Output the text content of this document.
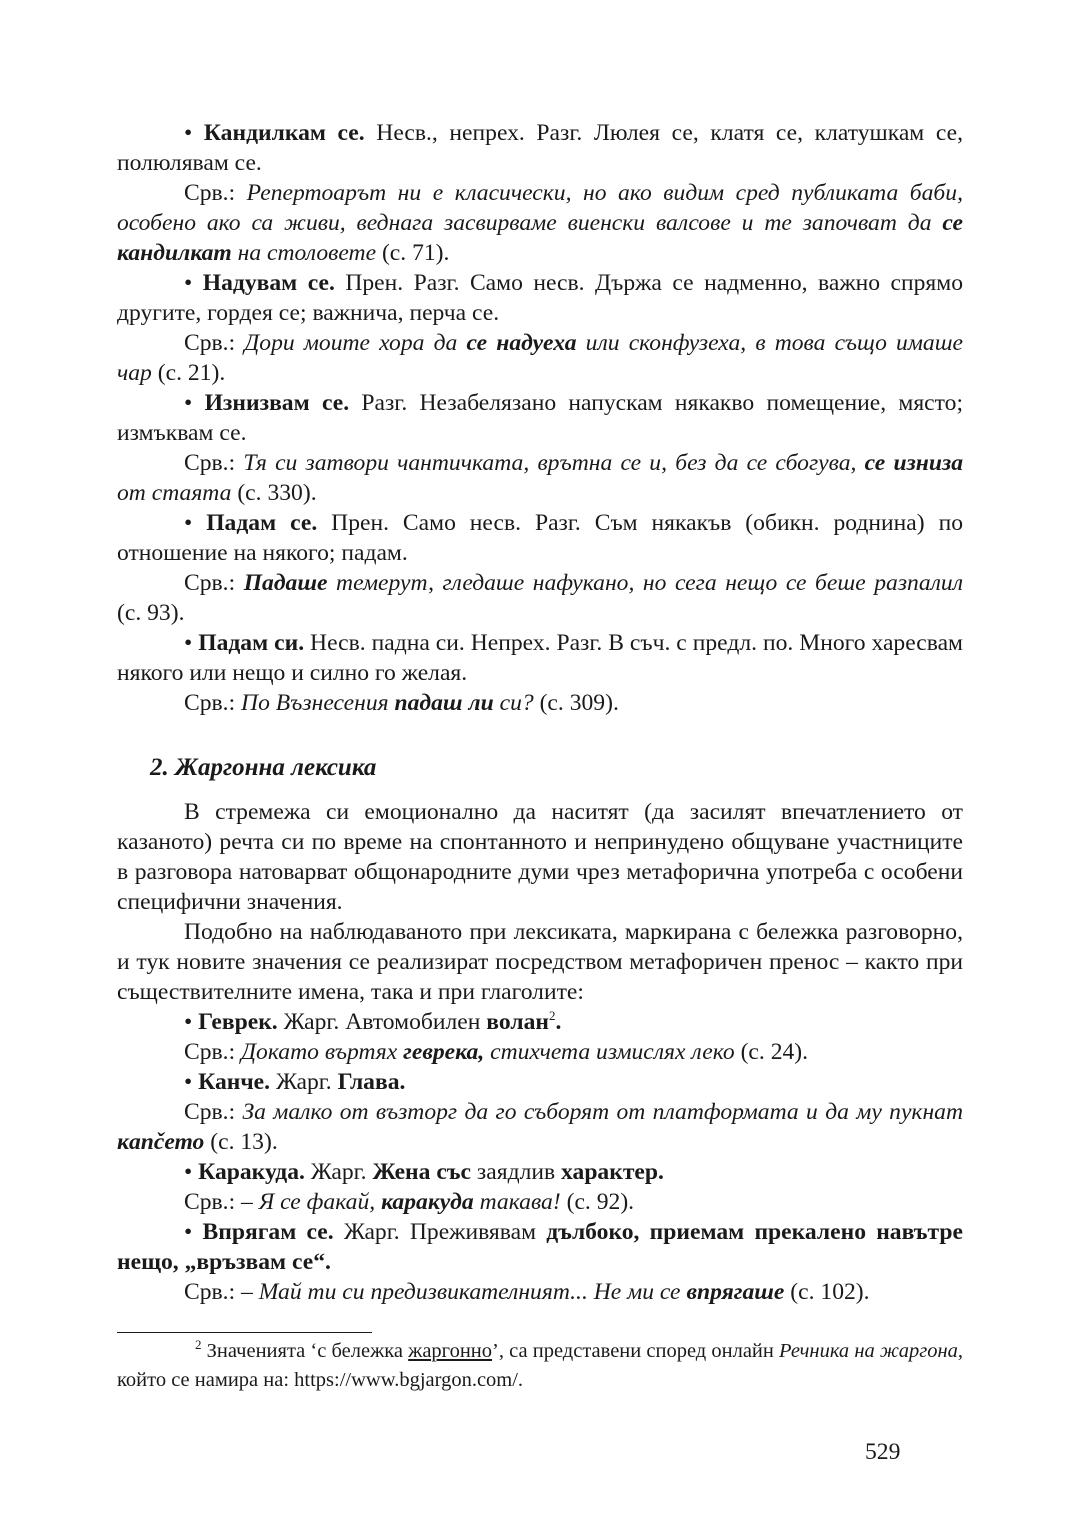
• Кандилкам се. Несв., непрех. Разг. Люлея се, клатя се, клатушкам се, полюлявам се.

Срв.: Репертоарът ни е класически, но ако видим сред публиката баби, особено ако са живи, веднага засвирваме виенски валсове и те започват да се кандилкат на столовете (с. 71).

• Надувам се. Прен. Разг. Само несв. Държа се надменно, важно спрямо другите, гордея се; важнича, перча се.

Срв.: Дори моите хора да се надуеха или сконфузеха, в това също имаше чар (с. 21).

• Изнизвам се. Разг. Незабелязано напускам някакво помещение, място; измъквам се.

Срв.: Тя си затвори чантичката, врътна се и, без да се сбогува, се изниза от стаята (с. 330).

• Падам се. Прен. Само несв. Разг. Съм някакъв (обикн. роднина) по отношение на някого; падам.

Срв.: Падаше темерут, гледаше нафукано, но сега нещо се беше разпалил (с. 93).

• Падам си. Несв. падна си. Непрех. Разг. В съч. с предл. по. Много харесвам някого или нещо и силно го желая.

Срв.: По Възнесения падаш ли си? (с. 309).

2. Жаргонна лексика

В стремежа си емоционално да наситят (да засилят впечатлението от казаното) речта си по време на спонтанното и непринудено общуване участниците в разговора натоварват общонародните думи чрез метафорична употреба с особени специфични значения.

Подобно на наблюдаваното при лексиката, маркирана с бележка разговорно, и тук новите значения се реализират посредством метафоричен пренос – както при съществителните имена, така и при глаголите:

• Геврек. Жарг. Автомобилен волан$^2$.

Срв.: Докато въртях геврека, стихчета измислях леко (с. 24).

• Канче. Жарг. Глава.

Срв.: За малко от възторг да го съборят от платформата и да му пукнат кančето (с. 13).

• Каракуда. Жарг. Жена със заядлив характер.

Срв.: – Я се факай, каракуда такава! (с. 92).

• Впрягам се. Жарг. Преживявам дълбоко, приемам прекалено навътре нещо, „връзвам се“.

Срв.: – Май ти си предизвикателният... Не ми се впрягаше (с. 102).

$^2$ Значенията ‘с бележка жаргонно’, са представени според онлайн Речника на жаргона, който се намира на: https://www.bgjargon.com/.

529
